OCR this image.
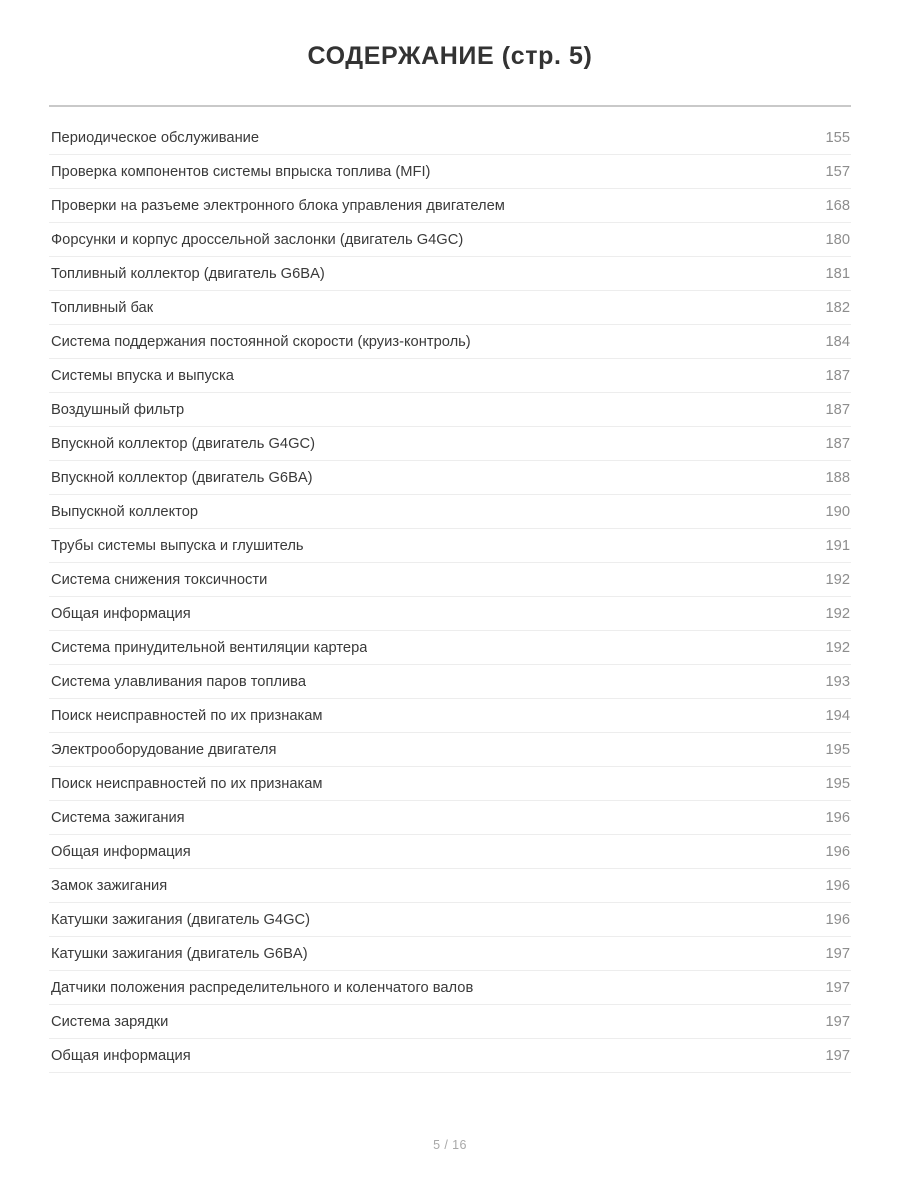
СОДЕРЖАНИЕ (стр. 5)
Периодическое обслуживание	155
Проверка компонентов системы впрыска топлива (MFI)	157
Проверки на разъеме электронного блока управления двигателем	168
Форсунки и корпус дроссельной заслонки (двигатель G4GC)	180
Топливный коллектор (двигатель G6BA)	181
Топливный бак	182
Система поддержания постоянной скорости (круиз-контроль)	184
Системы впуска и выпуска	187
Воздушный фильтр	187
Впускной коллектор (двигатель G4GC)	187
Впускной коллектор (двигатель G6BA)	188
Выпускной коллектор	190
Трубы системы выпуска и глушитель	191
Система снижения токсичности	192
Общая информация	192
Система принудительной вентиляции картера	192
Система улавливания паров топлива	193
Поиск неисправностей по их признакам	194
Электрооборудование двигателя	195
Поиск неисправностей по их признакам	195
Система зажигания	196
Общая информация	196
Замок зажигания	196
Катушки зажигания (двигатель G4GC)	196
Катушки зажигания (двигатель G6BA)	197
Датчики положения распределительного и коленчатого валов	197
Система зарядки	197
Общая информация	197
5 / 16
